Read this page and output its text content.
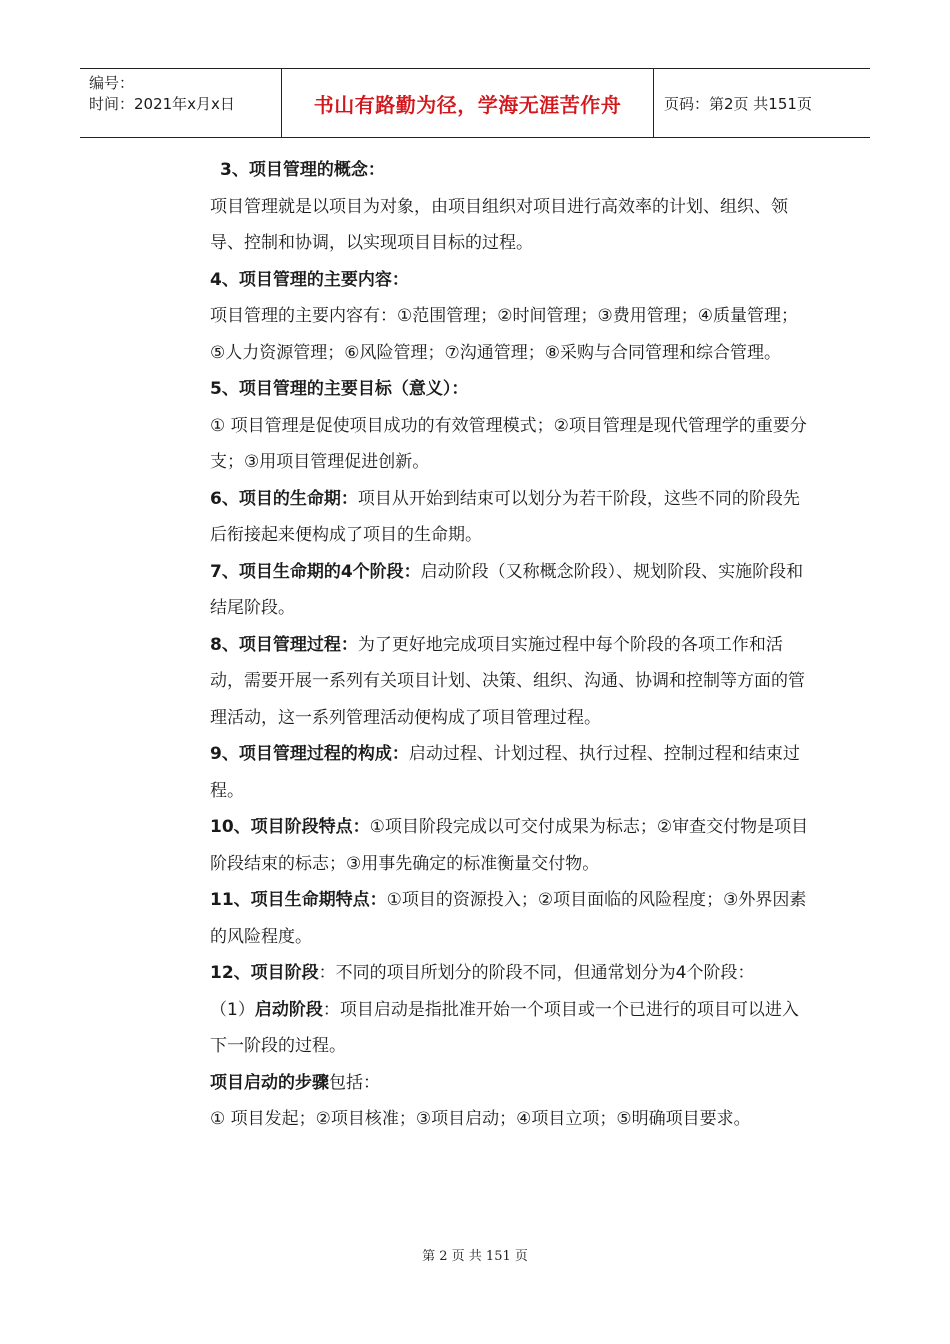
编号：
时间：2021年x月x日	书山有路勤为径，学海无涯苦作舟	页码：第2页 共151页

3、项目管理的概念：

项目管理就是以项目为对象，由项目组织对项目进行高效率的计划、组织、领导、控制和协调，以实现项目目标的过程。

4、项目管理的主要内容：

项目管理的主要内容有：①范围管理；②时间管理；③费用管理；④质量管理；⑤人力资源管理；⑥风险管理；⑦沟通管理；⑧采购与合同管理和综合管理。

5、项目管理的主要目标（意义）：

① 项目管理是促使项目成功的有效管理模式；②项目管理是现代管理学的重要分支；③用项目管理促进创新。

6、项目的生命期：项目从开始到结束可以划分为若干阶段，这些不同的阶段先后衔接起来便构成了项目的生命期。

7、项目生命期的4个阶段：启动阶段（又称概念阶段）、规划阶段、实施阶段和结尾阶段。

8、项目管理过程：为了更好地完成项目实施过程中每个阶段的各项工作和活动，需要开展一系列有关项目计划、决策、组织、沟通、协调和控制等方面的管理活动，这一系列管理活动便构成了项目管理过程。

9、项目管理过程的构成：启动过程、计划过程、执行过程、控制过程和结束过程。

10、项目阶段特点：①项目阶段完成以可交付成果为标志；②审查交付物是项目阶段结束的标志；③用事先确定的标准衡量交付物。

11、项目生命期特点：①项目的资源投入；②项目面临的风险程度；③外界因素的风险程度。

12、项目阶段：不同的项目所划分的阶段不同，但通常划分为4个阶段：

（1）启动阶段：项目启动是指批准开始一个项目或一个已进行的项目可以进入下一阶段的过程。

项目启动的步骤包括：

① 项目发起；②项目核准；③项目启动；④项目立项；⑤明确项目要求。

第 2 页 共 151 页
